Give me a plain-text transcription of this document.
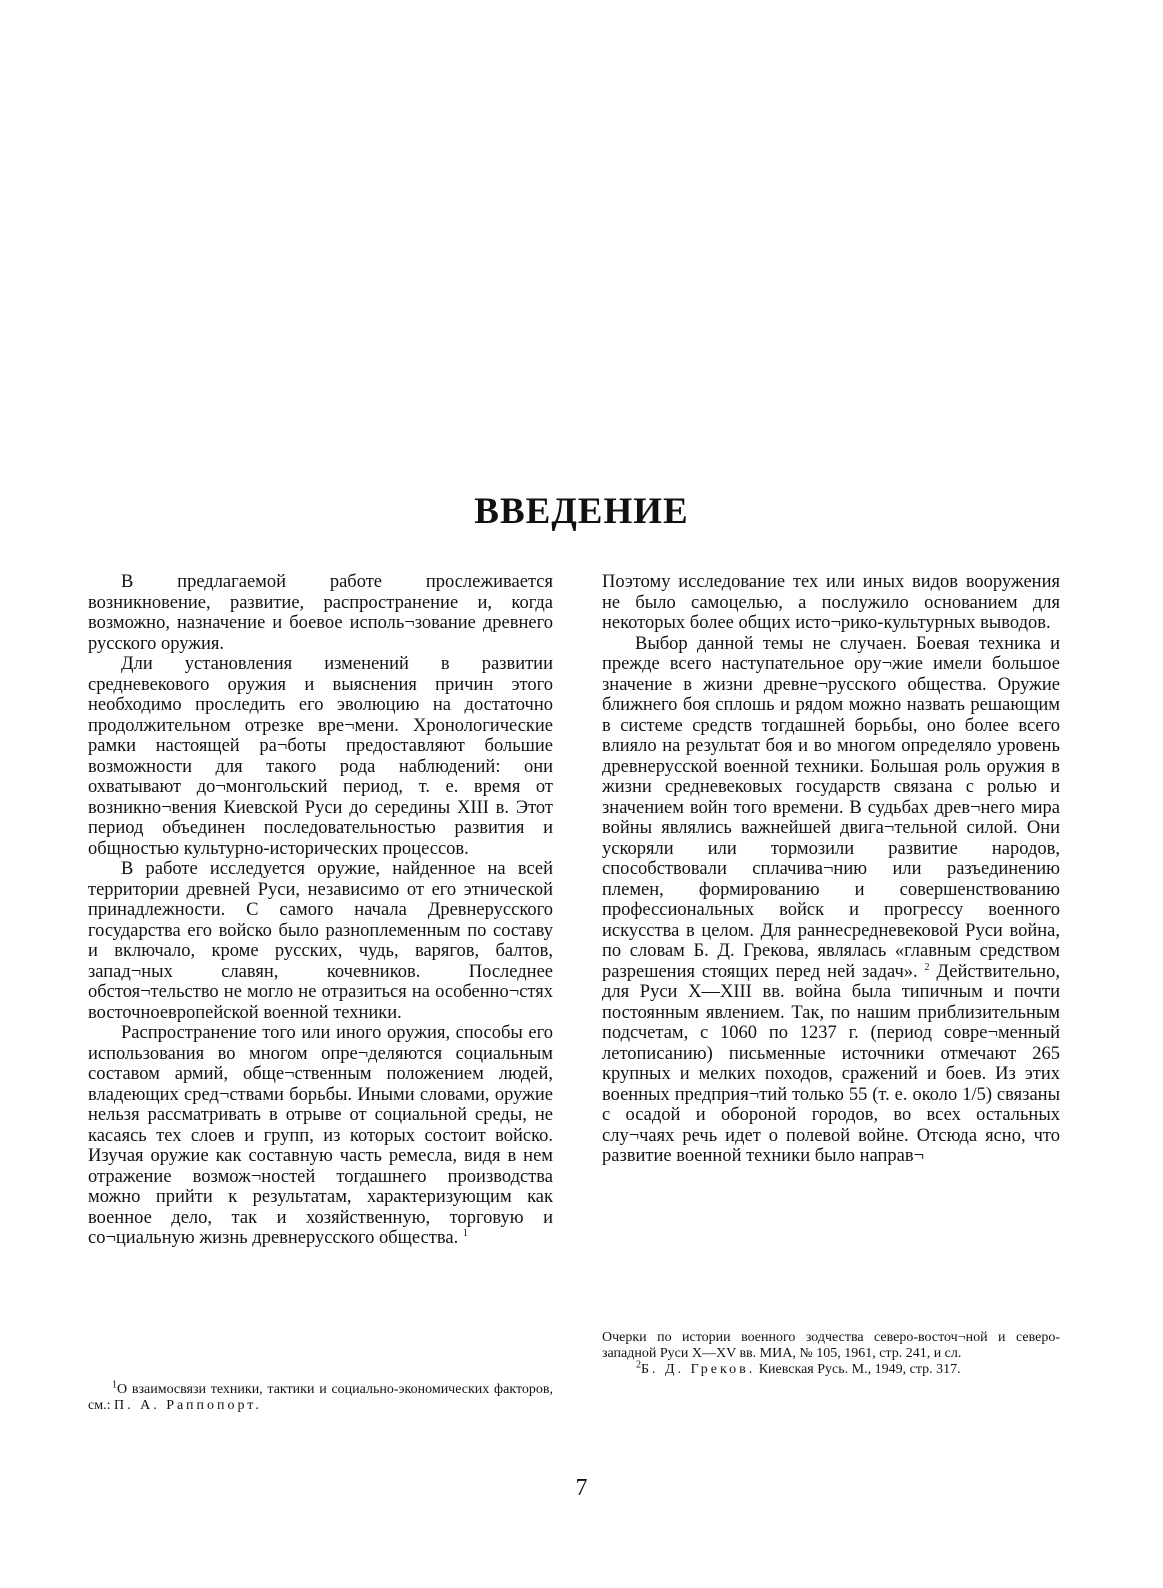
ВВЕДЕНИЕ

В предлагаемой работе прослеживается возникновение, развитие, распространение и, когда возможно, назначение и боевое исполь¬зование древнего русского оружия.

Дли установления изменений в развитии средневекового оружия и выяснения причин этого необходимо проследить его эволюцию на достаточно продолжительном отрезке вре¬мени. Хронологические рамки настоящей ра¬боты предоставляют большие возможности для такого рода наблюдений: они охватывают до¬монгольский период, т. е. время от возникно¬вения Киевской Руси до середины XIII в. Этот период объединен последовательностью развития и общностью культурно-исторических процессов.

В работе исследуется оружие, найденное на всей территории древней Руси, независимо от его этнической принадлежности. С самого начала Древнерусского государства его войско было разноплеменным по составу и включало, кроме русских, чудь, варягов, балтов, запад¬ных славян, кочевников. Последнее обстоя¬тельство не могло не отразиться на особенно¬стях восточноевропейской военной техники.

Распространение того или иного оружия, способы его использования во многом опре¬деляются социальным составом армий, обще¬ственным положением людей, владеющих сред¬ствами борьбы. Иными словами, оружие нельзя рассматривать в отрыве от социальной среды, не касаясь тех слоев и групп, из которых состоит войско. Изучая оружие как составную часть ремесла, видя в нем отражение возмож¬ностей тогдашнего производства можно прийти к результатам, характеризующим как военное дело, так и хозяйственную, торговую и со¬циальную жизнь древнерусского общества. $^1$

Поэтому исследование тех или иных видов вооружения не было самоцелью, а послужило основанием для некоторых более общих исто¬рико-культурных выводов.

Выбор данной темы не случаен. Боевая техника и прежде всего наступательное ору¬жие имели большое значение в жизни древне¬русского общества. Оружие ближнего боя сплошь и рядом можно назвать решающим в системе средств тогдашней борьбы, оно более всего влияло на результат боя и во многом определяло уровень древнерусской военной техники. Большая роль оружия в жизни средневековых государств связана с ролью и значением войн того времени. В судьбах древ¬него мира войны являлись важнейшей двига¬тельной силой. Они ускоряли или тормозили развитие народов, способствовали сплачива¬нию или разъединению племен, формированию и совершенствованию профессиональных войск и прогрессу военного искусства в целом. Для раннесредневековой Руси война, по словам Б. Д. Грекова, являлась «главным средством разрешения стоящих перед ней задач». $^2$ Действительно, для Руси X—XIII вв. война была типичным и почти постоянным явлением. Так, по нашим приблизительным подсчетам, с 1060 по 1237 г. (период совре¬менный летописанию) письменные источники отмечают 265 крупных и мелких походов, сражений и боев. Из этих военных предприя¬тий только 55 (т. е. около 1/5) связаны с осадой и обороной городов, во всех остальных слу¬чаях речь идет о полевой войне. Отсюда ясно, что развитие военной техники было направ¬

$^1$О взаимосвязи техники, тактики и социально-экономических факторов, см.: П. А. Раппопорт.

Очерки по истории военного зодчества северо-восточ¬ной и северо-западной Руси X—XV вв. МИА, № 105, 1961, стр. 241, и сл.

$^2$Б. Д. Греков. Киевская Русь. М., 1949, стр. 317.

7
